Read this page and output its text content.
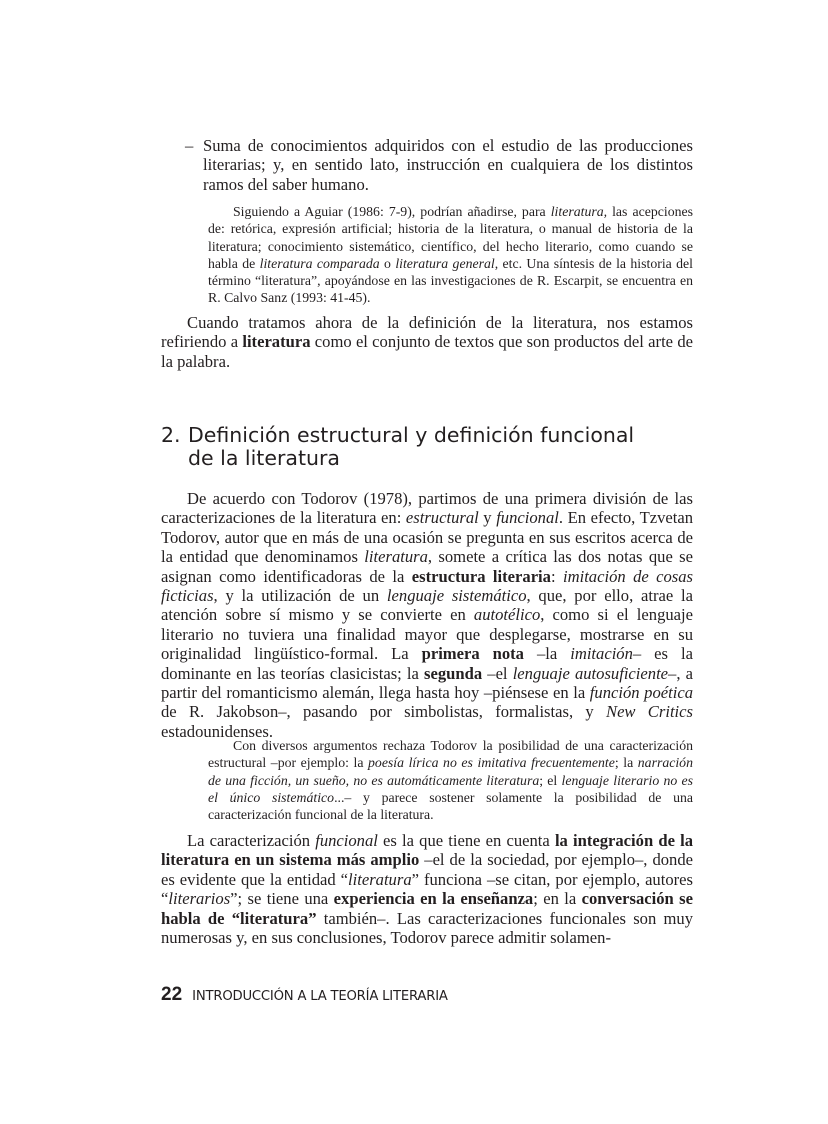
– Suma de conocimientos adquiridos con el estudio de las producciones literarias; y, en sentido lato, instrucción en cualquiera de los distintos ramos del saber humano.

Siguiendo a Aguiar (1986: 7-9), podrían añadirse, para literatura, las acepciones de: retórica, expresión artificial; historia de la literatura, o manual de historia de la literatura; conocimiento sistemático, científico, del hecho literario, como cuando se habla de literatura comparada o literatura general, etc. Una síntesis de la historia del término “literatura”, apoyándose en las investigaciones de R. Escarpit, se encuentra en R. Calvo Sanz (1993: 41-45).

Cuando tratamos ahora de la definición de la literatura, nos estamos refiriendo a literatura como el conjunto de textos que son productos del arte de la palabra.

2. Definición estructural y definición funcional
de la literatura

De acuerdo con Todorov (1978), partimos de una primera división de las caracterizaciones de la literatura en: estructural y funcional. En efecto, Tzvetan Todorov, autor que en más de una ocasión se pregunta en sus escritos acerca de la entidad que denominamos literatura, somete a crítica las dos notas que se asignan como identificadoras de la estructura literaria: imitación de cosas ficticias, y la utilización de un lenguaje sistemático, que, por ello, atrae la atención sobre sí mismo y se convierte en autotélico, como si el lenguaje literario no tuviera una finalidad mayor que desplegarse, mostrarse en su originalidad lingüístico-formal. La primera nota –la imitación– es la dominante en las teorías clasicistas; la segunda –el lenguaje autosuficiente–, a partir del romanticismo alemán, llega hasta hoy –piénsese en la función poética de R. Jakobson–, pasando por simbolistas, formalistas, y New Critics estadounidenses.

Con diversos argumentos rechaza Todorov la posibilidad de una caracterización estructural –por ejemplo: la poesía lírica no es imitativa frecuentemente; la narración de una ficción, un sueño, no es automáticamente literatura; el lenguaje literario no es el único sistemático...– y parece sostener solamente la posibilidad de una caracterización funcional de la literatura.

La caracterización funcional es la que tiene en cuenta la integración de la literatura en un sistema más amplio –el de la sociedad, por ejemplo–, donde es evidente que la entidad “literatura” funciona –se citan, por ejemplo, autores “literarios”; se tiene una experiencia en la enseñanza; en la conversación se habla de “literatura” también–. Las caracterizaciones funcionales son muy numerosas y, en sus conclusiones, Todorov parece admitir solamen-

22 INTRODUCCIÓN A LA TEORÍA LITERARIA
